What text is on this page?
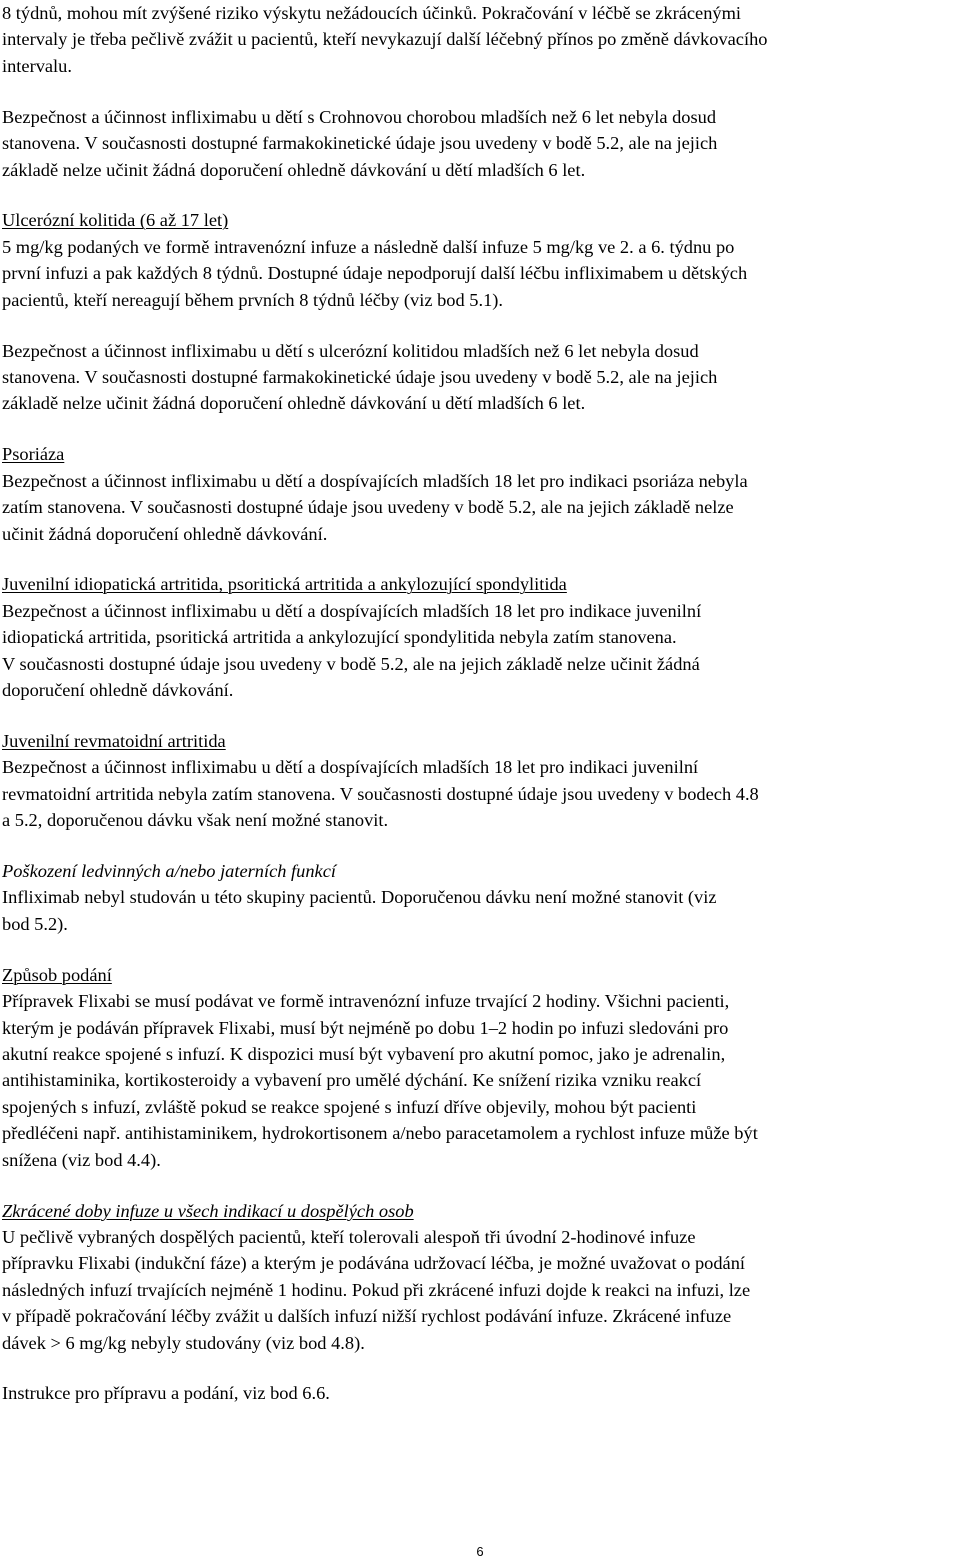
8 týdnů, mohou mít zvýšené riziko výskytu nežádoucích účinků. Pokračování v léčbě se zkrácenými
intervaly je třeba pečlivě zvážit u pacientů, kteří nevykazují další léčebný přínos po změně dávkovacího
intervalu.
Bezpečnost a účinnost infliximabu u dětí s Crohnovou chorobou mladších než 6 let nebyla dosud
stanovena. V současnosti dostupné farmakokinetické údaje jsou uvedeny v bodě 5.2, ale na jejich
základě nelze učinit žádná doporučení ohledně dávkování u dětí mladších 6 let.
Ulcerózní kolitida (6 až 17 let)
5 mg/kg podaných ve formě intravenózní infuze a následně další infuze 5 mg/kg ve 2. a 6. týdnu po
první infuzi a pak každých 8 týdnů. Dostupné údaje nepodporují další léčbu infliximabem u dětských
pacientů, kteří nereagují během prvních 8 týdnů léčby (viz bod 5.1).
Bezpečnost a účinnost infliximabu u dětí s ulcerózní kolitidou mladších než 6 let nebyla dosud
stanovena. V současnosti dostupné farmakokinetické údaje jsou uvedeny v bodě 5.2, ale na jejich
základě nelze učinit žádná doporučení ohledně dávkování u dětí mladších 6 let.
Psoriáza
Bezpečnost a účinnost infliximabu u dětí a dospívajících mladších 18 let pro indikaci psoriáza nebyla
zatím stanovena. V současnosti dostupné údaje jsou uvedeny v bodě 5.2, ale na jejich základě nelze
učinit žádná doporučení ohledně dávkování.
Juvenilní idiopatická artritida, psoritická artritida a ankylozující spondylitida
Bezpečnost a účinnost infliximabu u dětí a dospívajících mladších 18 let pro indikace juvenilní
idiopatická artritida, psoritická artritida a ankylozující spondylitida nebyla zatím stanovena.
V současnosti dostupné údaje jsou uvedeny v bodě 5.2, ale na jejich základě nelze učinit žádná
doporučení ohledně dávkování.
Juvenilní revmatoidní artritida
Bezpečnost a účinnost infliximabu u dětí a dospívajících mladších 18 let pro indikaci juvenilní
revmatoidní artritida nebyla zatím stanovena. V současnosti dostupné údaje jsou uvedeny v bodech 4.8
a 5.2, doporučenou dávku však není možné stanovit.
Poškození ledvinných a/nebo jaterních funkcí
Infliximab nebyl studován u této skupiny pacientů. Doporučenou dávku není možné stanovit (viz
bod 5.2).
Způsob podání
Přípravek Flixabi se musí podávat ve formě intravenózní infuze trvající 2 hodiny. Všichni pacienti,
kterým je podáván přípravek Flixabi, musí být nejméně po dobu 1–2 hodin po infuzi sledováni pro
akutní reakce spojené s infuzí. K dispozici musí být vybavení pro akutní pomoc, jako je adrenalin,
antihistaminika, kortikosteroidy a vybavení pro umělé dýchání. Ke snížení rizika vzniku reakcí
spojených s infuzí, zvláště pokud se reakce spojené s infuzí dříve objevily, mohou být pacienti
předléčeni např. antihistaminikem, hydrokortisonem a/nebo paracetamolem a rychlost infuze může být
snížena (viz bod 4.4).
Zkrácené doby infuze u všech indikací u dospělých osob
U pečlivě vybraných dospělých pacientů, kteří tolerovali alespoň tři úvodní 2-hodinové infuze
přípravku Flixabi (indukční fáze) a kterým je podávána udržovací léčba, je možné uvažovat o podání
následných infuzí trvajících nejméně 1 hodinu. Pokud při zkrácené infuzi dojde k reakci na infuzi, lze
v případě pokračování léčby zvážit u dalších infuzí nižší rychlost podávání infuze. Zkrácené infuze
dávek > 6 mg/kg nebyly studovány (viz bod 4.8).
Instrukce pro přípravu a podání, viz bod 6.6.
6
